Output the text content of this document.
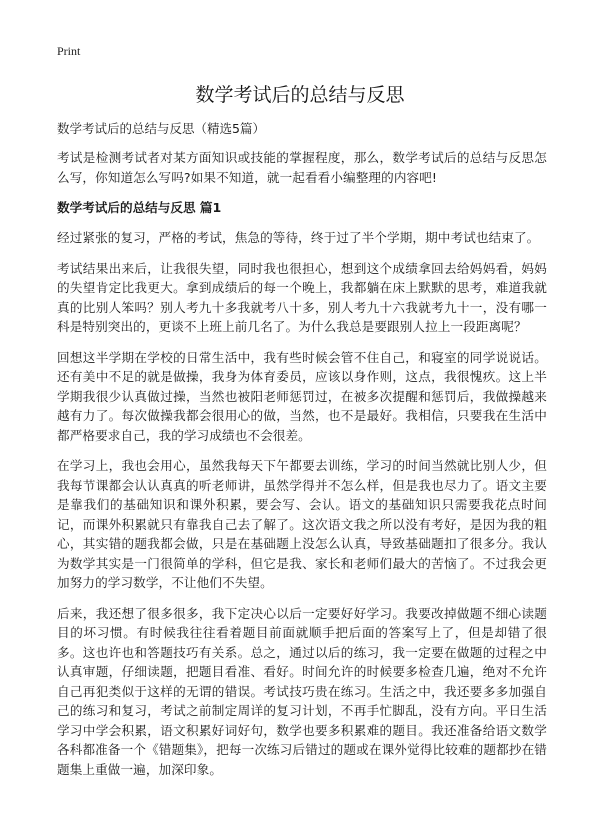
Print
数学考试后的总结与反思
数学考试后的总结与反思（精选5篇）

考试是检测考试者对某方面知识或技能的掌握程度，那么，数学考试后的总结与反思怎么写，你知道怎么写吗?如果不知道，就一起看看小编整理的内容吧!

数学考试后的总结与反思 篇1

经过紧张的复习，严格的考试，焦急的等待，终于过了半个学期，期中考试也结束了。

考试结果出来后，让我很失望，同时我也很担心，想到这个成绩拿回去给妈妈看，妈妈的失望肯定比我更大。拿到成绩后的每一个晚上，我都躺在床上默默的思考，难道我就真的比别人笨吗？别人考九十多我就考八十多，别人考九十六我就考九十一，没有哪一科是特别突出的，更谈不上班上前几名了。为什么我总是要跟别人拉上一段距离呢？

回想这半学期在学校的日常生活中，我有些时候会管不住自己，和寝室的同学说说话。还有美中不足的就是做操，我身为体育委员，应该以身作则，这点，我很愧疚。这上半学期我很少认真做过操，当然也被阳老师惩罚过，在被多次提醒和惩罚后，我做操越来越有力了。每次做操我都会很用心的做，当然，也不是最好。我相信，只要我在生活中都严格要求自己，我的学习成绩也不会很差。

在学习上，我也会用心，虽然我每天下午都要去训练，学习的时间当然就比别人少，但我每节课都会认认真真的听老师讲，虽然学得并不怎么样，但是我也尽力了。语文主要是靠我们的基础知识和课外积累，要会写、会认。语文的基础知识只需要我花点时间记，而课外积累就只有靠我自己去了解了。这次语文我之所以没有考好，是因为我的粗心，其实错的题我都会做，只是在基础题上没怎么认真，导致基础题扣了很多分。我认为数学其实是一门很简单的学科，但它是我、家长和老师们最大的苦恼了。不过我会更加努力的学习数学，不让他们不失望。

后来，我还想了很多很多，我下定决心以后一定要好好学习。我要改掉做题不细心读题目的坏习惯。有时候我往往看着题目前面就顺手把后面的答案写上了，但是却错了很多。这也许也和答题技巧有关系。总之，通过以后的练习，我一定要在做题的过程之中认真审题，仔细读题，把题目看准、看好。时间允许的时候要多检查几遍，绝对不允许自己再犯类似于这样的无谓的错误。考试技巧贵在练习。生活之中，我还要多多加强自己的练习和复习，考试之前制定周详的复习计划，不再手忙脚乱，没有方向。平日生活学习中学会积累，语文积累好词好句，数学也要多积累难的题目。我还准备给语文数学各科都准备一个《错题集》，把每一次练习后错过的题或在课外觉得比较难的题都抄在错题集上重做一遍，加深印象。
